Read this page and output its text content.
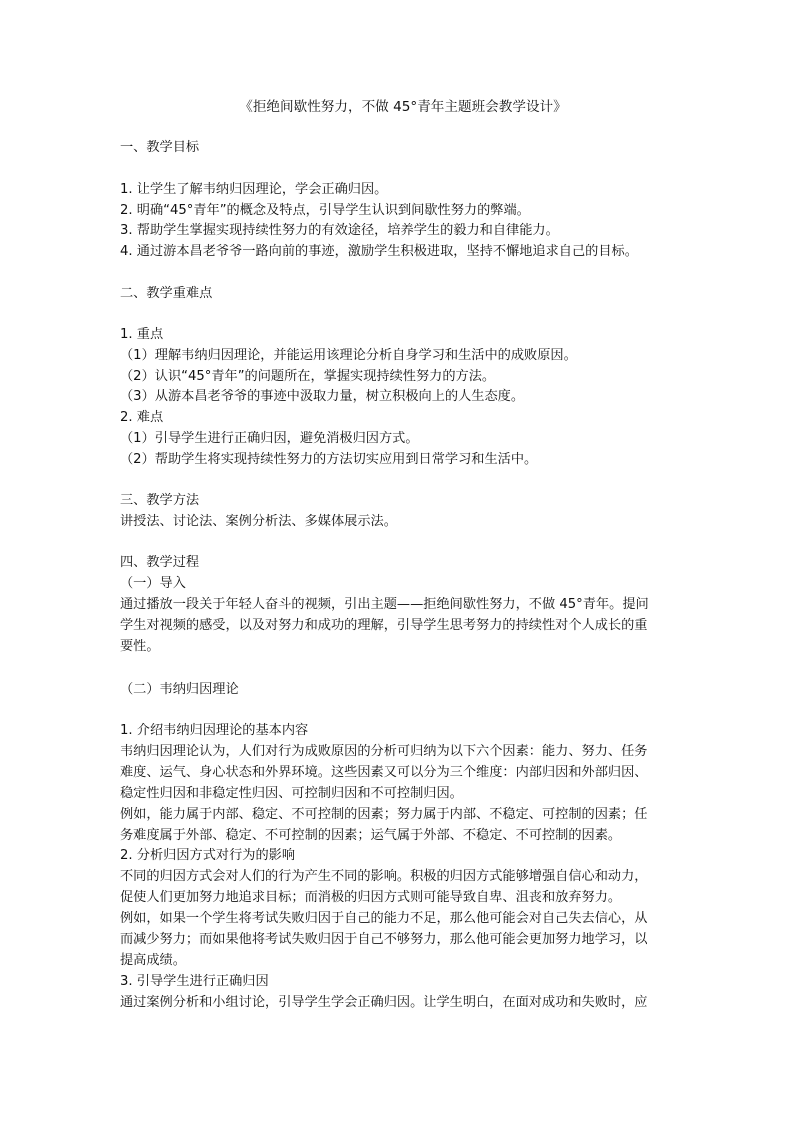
《拒绝间歇性努力，不做 45°青年主题班会教学设计》
一、教学目标
1. 让学生了解韦纳归因理论，学会正确归因。
2. 明确“45°青年”的概念及特点，引导学生认识到间歇性努力的弊端。
3. 帮助学生掌握实现持续性努力的有效途径，培养学生的毅力和自律能力。
4. 通过游本昌老爷爷一路向前的事迹，激励学生积极进取，坚持不懈地追求自己的目标。
二、教学重难点
1. 重点
（1）理解韦纳归因理论，并能运用该理论分析自身学习和生活中的成败原因。
（2）认识“45°青年”的问题所在，掌握实现持续性努力的方法。
（3）从游本昌老爷爷的事迹中汲取力量，树立积极向上的人生态度。
2. 难点
（1）引导学生进行正确归因，避免消极归因方式。
（2）帮助学生将实现持续性努力的方法切实应用到日常学习和生活中。
三、教学方法
讲授法、讨论法、案例分析法、多媒体展示法。
四、教学过程
（一）导入
通过播放一段关于年轻人奋斗的视频，引出主题——拒绝间歇性努力，不做 45°青年。提问
学生对视频的感受，以及对努力和成功的理解，引导学生思考努力的持续性对个人成长的重
要性。
（二）韦纳归因理论
1. 介绍韦纳归因理论的基本内容
韦纳归因理论认为，人们对行为成败原因的分析可归纳为以下六个因素：能力、努力、任务
难度、运气、身心状态和外界环境。这些因素又可以分为三个维度：内部归因和外部归因、
稳定性归因和非稳定性归因、可控制归因和不可控制归因。
例如，能力属于内部、稳定、不可控制的因素；努力属于内部、不稳定、可控制的因素；任
务难度属于外部、稳定、不可控制的因素；运气属于外部、不稳定、不可控制的因素。
2. 分析归因方式对行为的影响
不同的归因方式会对人们的行为产生不同的影响。积极的归因方式能够增强自信心和动力，
促使人们更加努力地追求目标；而消极的归因方式则可能导致自卑、沮丧和放弃努力。
例如，如果一个学生将考试失败归因于自己的能力不足，那么他可能会对自己失去信心，从
而减少努力；而如果他将考试失败归因于自己不够努力，那么他可能会更加努力地学习，以
提高成绩。
3. 引导学生进行正确归因
通过案例分析和小组讨论，引导学生学会正确归因。让学生明白，在面对成功和失败时，应
